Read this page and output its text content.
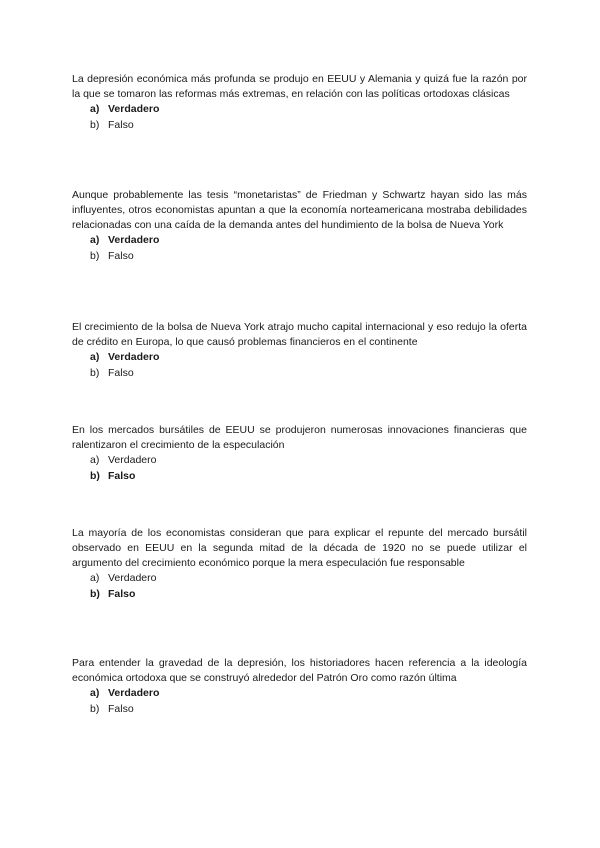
La depresión económica más profunda se produjo en EEUU y Alemania y quizá fue la razón por la que se tomaron las reformas más extremas, en relación con las políticas ortodoxas clásicas

a) Verdadero
b) Falso

Aunque probablemente las tesis “monetaristas” de Friedman y Schwartz hayan sido las más influyentes, otros economistas apuntan a que la economía norteamericana mostraba debilidades relacionadas con una caída de la demanda antes del hundimiento de la bolsa de Nueva York

a) Verdadero
b) Falso

El crecimiento de la bolsa de Nueva York atrajo mucho capital internacional y eso redujo la oferta de crédito en Europa, lo que causó problemas financieros en el continente

a) Verdadero
b) Falso

En los mercados bursátiles de EEUU se produjeron numerosas innovaciones financieras que ralentizaron el crecimiento de la especulación

a) Verdadero
b) Falso

La mayoría de los economistas consideran que para explicar el repunte del mercado bursátil observado en EEUU en la segunda mitad de la década de 1920 no se puede utilizar el argumento del crecimiento económico porque la mera especulación fue responsable

a) Verdadero
b) Falso

Para entender la gravedad de la depresión, los historiadores hacen referencia a la ideología económica ortodoxa que se construyó alrededor del Patrón Oro como razón última

a) Verdadero
b) Falso
